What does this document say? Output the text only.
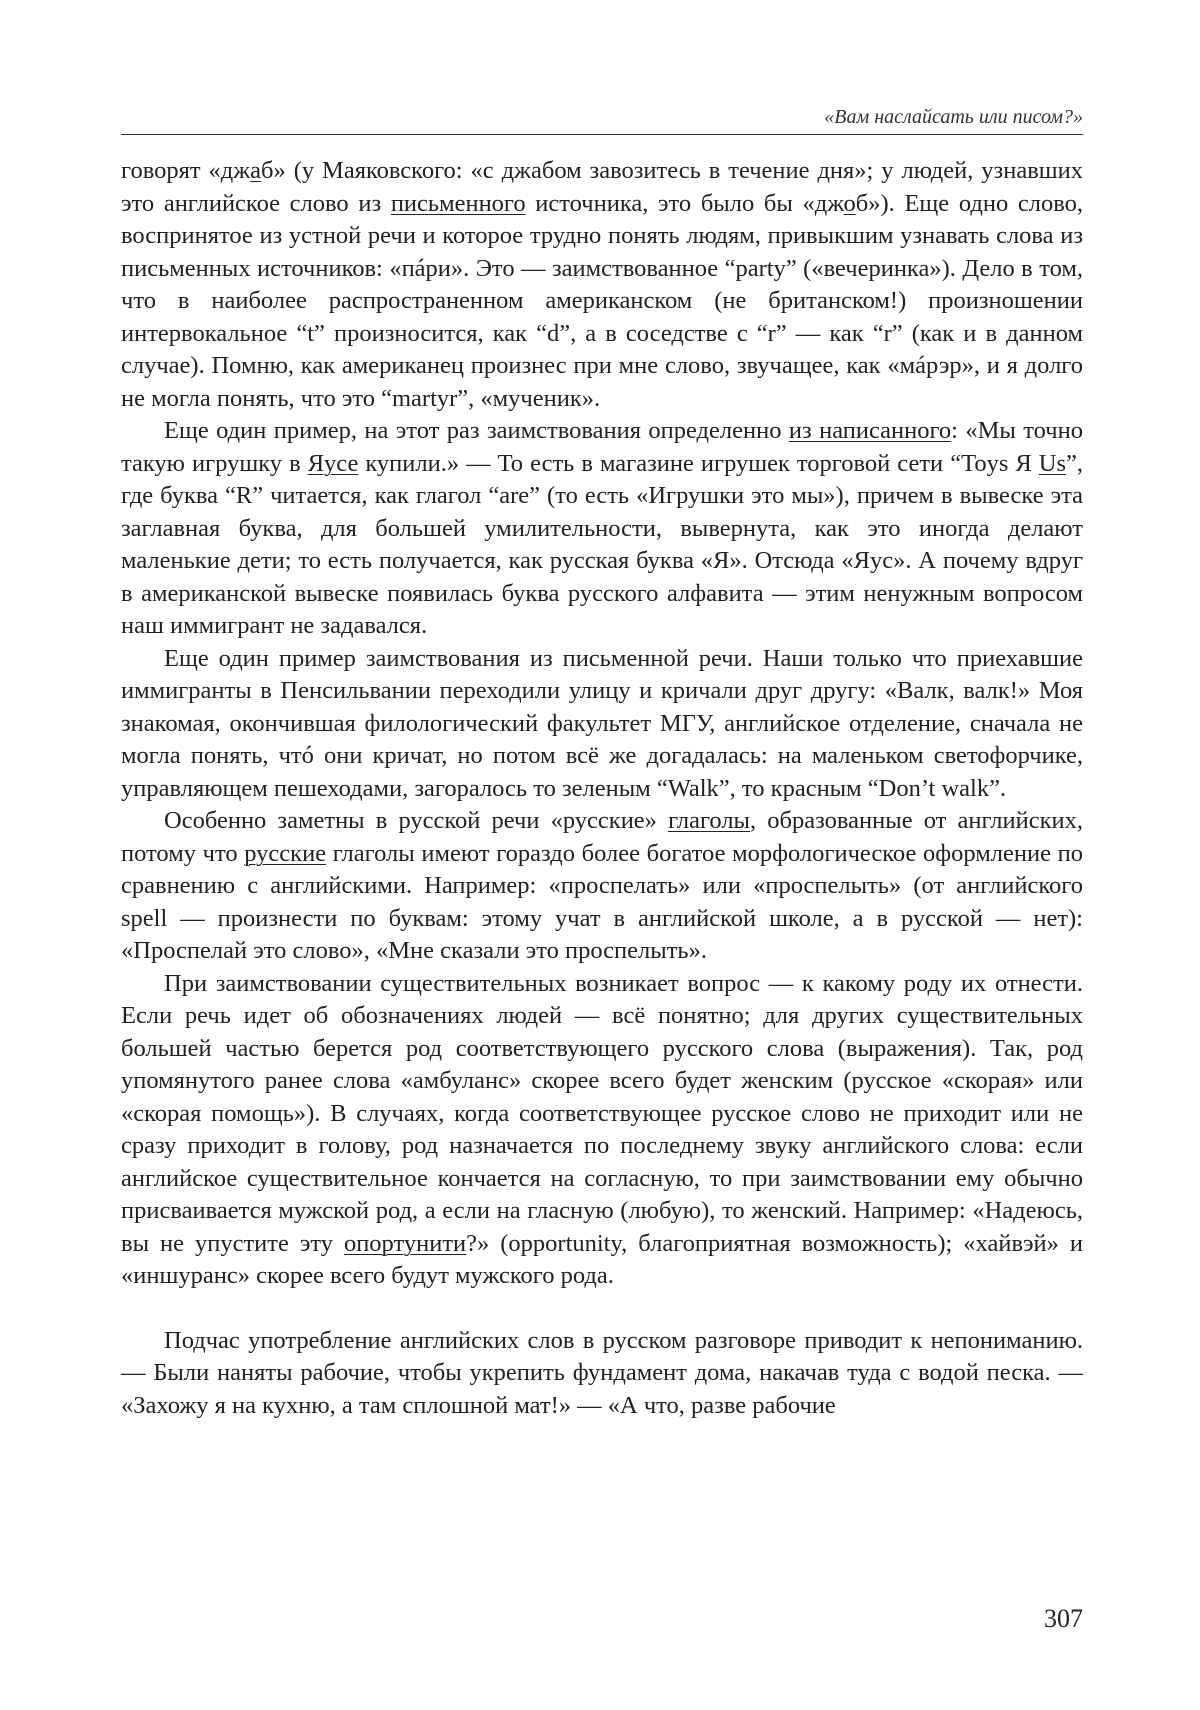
«Вам наслайсать или писом?»

говорят «джаб» (у Маяковского: «с джабом завозитесь в течение дня»; у людей, узнавших это английское слово из письменного источника, это было бы «джоб»). Еще одно слово, воспринятое из устной речи и которое трудно понять людям, привыкшим узнавать слова из письменных источников: «пáри». Это — заимствованное “party” («вечеринка»). Дело в том, что в наиболее распространенном американском (не британском!) произношении интервокальное “t” произносится, как “d”, а в соседстве с “r” — как “r” (как и в данном случае). Помню, как американец произнес при мне слово, звучащее, как «мáрэр», и я долго не могла понять, что это “martyr”, «мученик».

Еще один пример, на этот раз заимствования определенно из написанного: «Мы точно такую игрушку в Яусе купили.» — То есть в магазине игрушек торговой сети “Toys Я Us”, где буква “R” читается, как глагол “are” (то есть «Игрушки это мы»), причем в вывеске эта заглавная буква, для большей умилительности, вывернута, как это иногда делают маленькие дети; то есть получается, как русская буква «Я». Отсюда «Яус». А почему вдруг в американской вывеске появилась буква русского алфавита — этим ненужным вопросом наш иммигрант не задавался.

Еще один пример заимствования из письменной речи. Наши только что приехавшие иммигранты в Пенсильвании переходили улицу и кричали друг другу: «Валк, валк!» Моя знакомая, окончившая филологический факультет МГУ, английское отделение, сначала не могла понять, чтó они кричат, но потом всё же догадалась: на маленьком светофорчике, управляющем пешеходами, загоралось то зеленым “Walk”, то красным “Don’t walk”.

Особенно заметны в русской речи «русские» глаголы, образованные от английских, потому что русские глаголы имеют гораздо более богатое морфологическое оформление по сравнению с английскими. Например: «проспелать» или «проспелыть» (от английского spell — произнести по буквам: этому учат в английской школе, а в русской — нет): «Проспелай это слово», «Мне сказали это проспелыть».

При заимствовании существительных возникает вопрос — к какому роду их отнести. Если речь идет об обозначениях людей — всё понятно; для других существительных большей частью берется род соответствующего русского слова (выражения). Так, род упомянутого ранее слова «амбуланс» скорее всего будет женским (русское «скорая» или «скорая помощь»). В случаях, когда соответствующее русское слово не приходит или не сразу приходит в голову, род назначается по последнему звуку английского слова: если английское существительное кончается на согласную, то при заимствовании ему обычно присваивается мужской род, а если на гласную (любую), то женский. Например: «Надеюсь, вы не упустите эту опортунити?» (opportunity, благоприятная возможность); «хайвэй» и «иншуранс» скорее всего будут мужского рода.

Подчас употребление английских слов в русском разговоре приводит к непониманию. — Были наняты рабочие, чтобы укрепить фундамент дома, накачав туда с водой песка. — «Захожу я на кухню, а там сплошной мат!» — «А что, разве рабочие

307
